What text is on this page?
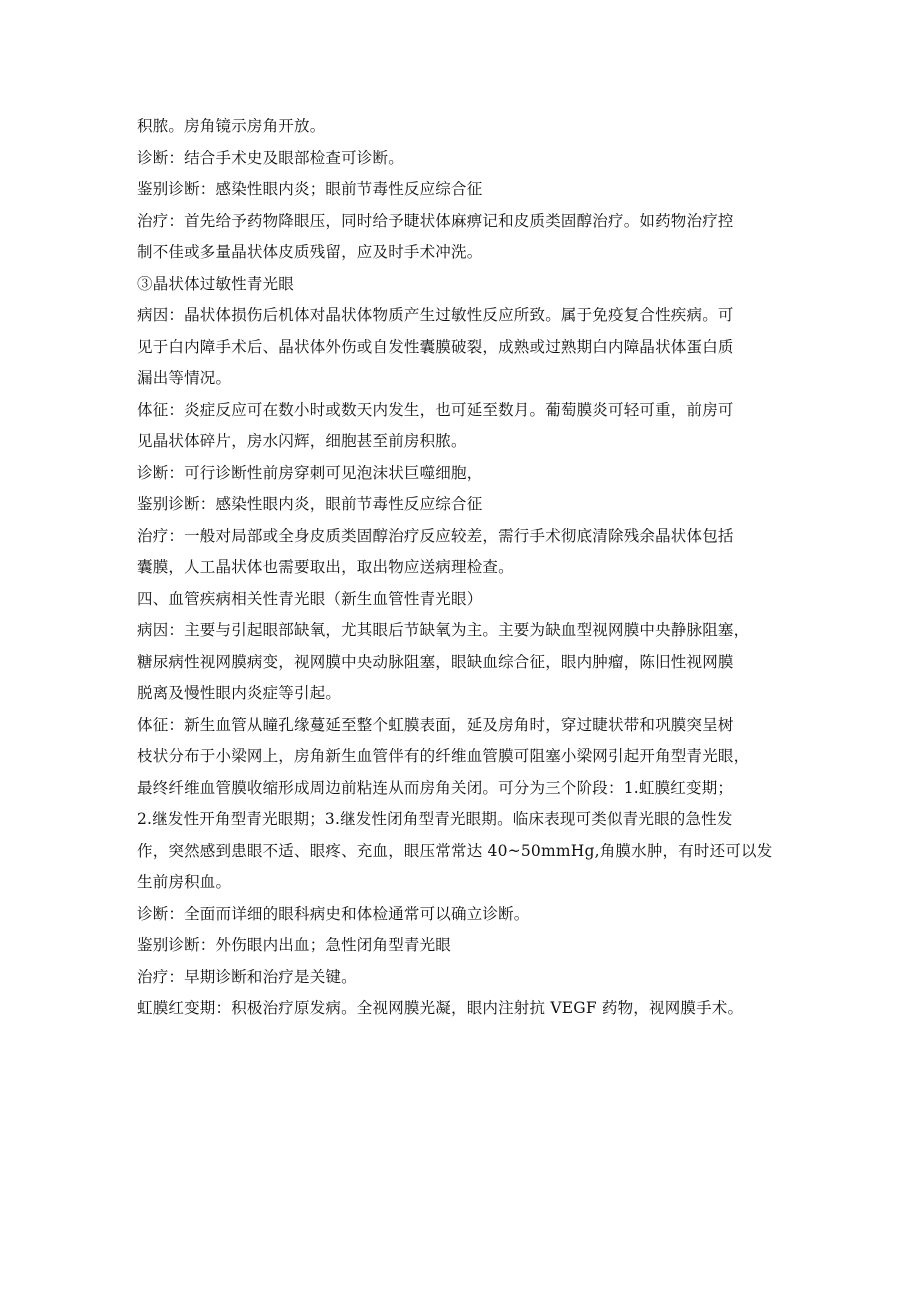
积脓。房角镜示房角开放。

诊断：结合手术史及眼部检查可诊断。

鉴别诊断：感染性眼内炎；眼前节毒性反应综合征

治疗：首先给予药物降眼压，同时给予睫状体麻痹记和皮质类固醇治疗。如药物治疗控
制不佳或多量晶状体皮质残留，应及时手术冲洗。

③晶状体过敏性青光眼

病因：晶状体损伤后机体对晶状体物质产生过敏性反应所致。属于免疫复合性疾病。可
见于白内障手术后、晶状体外伤或自发性囊膜破裂，成熟或过熟期白内障晶状体蛋白质
漏出等情况。

体征：炎症反应可在数小时或数天内发生，也可延至数月。葡萄膜炎可轻可重，前房可
见晶状体碎片，房水闪辉，细胞甚至前房积脓。

诊断：可行诊断性前房穿刺可见泡沫状巨噬细胞，

鉴别诊断：感染性眼内炎，眼前节毒性反应综合征

治疗：一般对局部或全身皮质类固醇治疗反应较差，需行手术彻底清除残余晶状体包括
囊膜，人工晶状体也需要取出，取出物应送病理检查。

四、血管疾病相关性青光眼（新生血管性青光眼）

病因：主要与引起眼部缺氧，尤其眼后节缺氧为主。主要为缺血型视网膜中央静脉阻塞，
糖尿病性视网膜病变，视网膜中央动脉阻塞，眼缺血综合征，眼内肿瘤，陈旧性视网膜
脱离及慢性眼内炎症等引起。

体征：新生血管从瞳孔缘蔓延至整个虹膜表面，延及房角时，穿过睫状带和巩膜突呈树
枝状分布于小梁网上，房角新生血管伴有的纤维血管膜可阻塞小梁网引起开角型青光眼，
最终纤维血管膜收缩形成周边前粘连从而房角关闭。可分为三个阶段：1.虹膜红变期；
2.继发性开角型青光眼期；3.继发性闭角型青光眼期。临床表现可类似青光眼的急性发
作，突然感到患眼不适、眼疼、充血，眼压常常达 40~50mmHg,角膜水肿，有时还可以发
生前房积血。

诊断：全面而详细的眼科病史和体检通常可以确立诊断。

鉴别诊断：外伤眼内出血；急性闭角型青光眼

治疗：早期诊断和治疗是关键。

虹膜红变期：积极治疗原发病。全视网膜光凝，眼内注射抗 VEGF 药物，视网膜手术。
